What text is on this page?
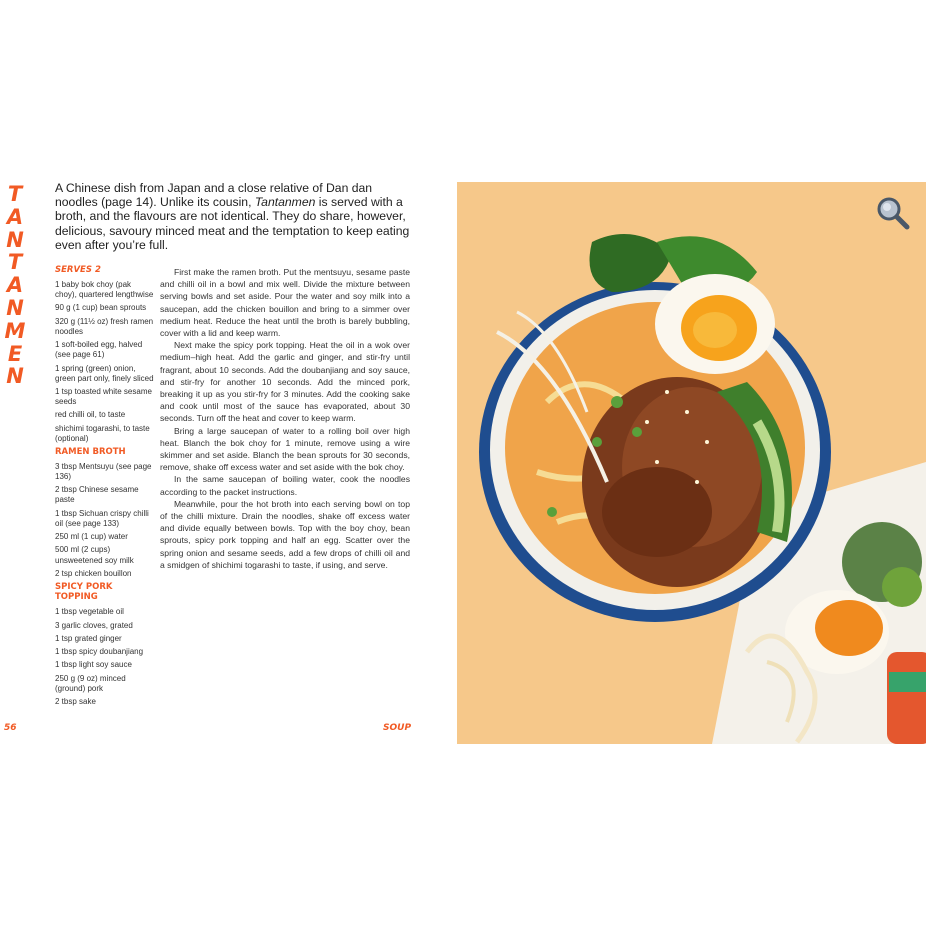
T
A
N
T
A
N
M
E
N
A Chinese dish from Japan and a close relative of Dan dan noodles (page 14). Unlike its cousin, Tantanmen is served with a broth, and the flavours are not identical. They do share, however, delicious, savoury minced meat and the temptation to keep eating even after you’re full.
SERVES 2
1 baby bok choy (pak choy), quartered lengthwise
90 g (1 cup) bean sprouts
320 g (11½ oz) fresh ramen noodles
1 soft-boiled egg, halved (see page 61)
1 spring (green) onion, green part only, finely sliced
1 tsp toasted white sesame seeds
red chilli oil, to taste
shichimi togarashi, to taste (optional)
RAMEN BROTH
3 tbsp Mentsuyu (see page 136)
2 tbsp Chinese sesame paste
1 tbsp Sichuan crispy chilli oil (see page 133)
250 ml (1 cup) water
500 ml (2 cups) unsweetened soy milk
2 tsp chicken bouillon
SPICY PORK TOPPING
1 tbsp vegetable oil
3 garlic cloves, grated
1 tsp grated ginger
1 tbsp spicy doubanjiang
1 tbsp light soy sauce
250 g (9 oz) minced (ground) pork
2 tbsp sake

First make the ramen broth. Put the mentsuyu, sesame paste and chilli oil in a bowl and mix well. Divide the mixture between serving bowls and set aside. Pour the water and soy milk into a saucepan, add the chicken bouillon and bring to a simmer over medium heat. Reduce the heat until the broth is barely bubbling, cover with a lid and keep warm.

Next make the spicy pork topping. Heat the oil in a wok over medium–high heat. Add the garlic and ginger, and stir-fry until fragrant, about 10 seconds. Add the doubanjiang and soy sauce, and stir-fry for another 10 seconds. Add the minced pork, breaking it up as you stir-fry for 3 minutes. Add the cooking sake and cook until most of the sauce has evaporated, about 30 seconds. Turn off the heat and cover to keep warm.

Bring a large saucepan of water to a rolling boil over high heat. Blanch the bok choy for 1 minute, remove using a wire skimmer and set aside. Blanch the bean sprouts for 30 seconds, remove, shake off excess water and set aside with the bok choy.

In the same saucepan of boiling water, cook the noodles according to the packet instructions.

Meanwhile, pour the hot broth into each serving bowl on top of the chilli mixture. Drain the noodles, shake off excess water and divide equally between bowls. Top with the boy choy, bean sprouts, spicy pork topping and half an egg. Scatter over the spring onion and sesame seeds, add a few drops of chilli oil and a smidgen of shichimi togarashi to taste, if using, and serve.

56	SOUP
